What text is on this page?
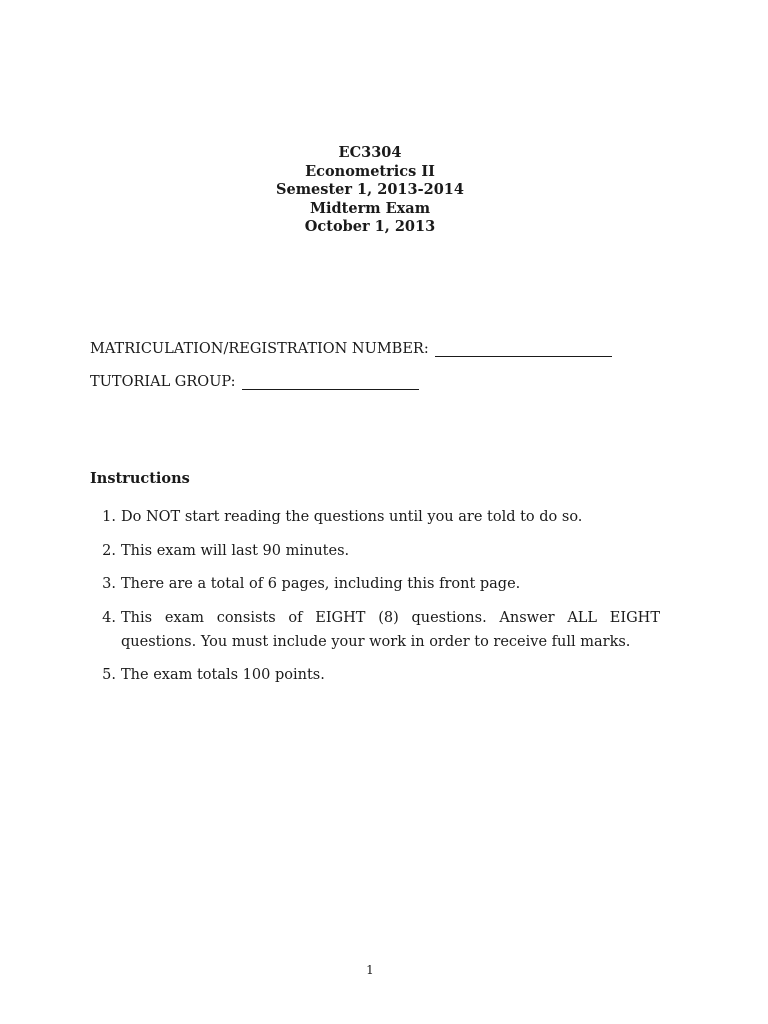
EC3304
Econometrics II
Semester 1, 2013-2014
Midterm Exam
October 1, 2013
MATRICULATION/REGISTRATION NUMBER:
TUTORIAL GROUP:
Instructions
1. Do NOT start reading the questions until you are told to do so.
2. This exam will last 90 minutes.
3. There are a total of 6 pages, including this front page.
4. This exam consists of EIGHT (8) questions. Answer ALL EIGHT questions. You must include your work in order to receive full marks.
5. The exam totals 100 points.
1
